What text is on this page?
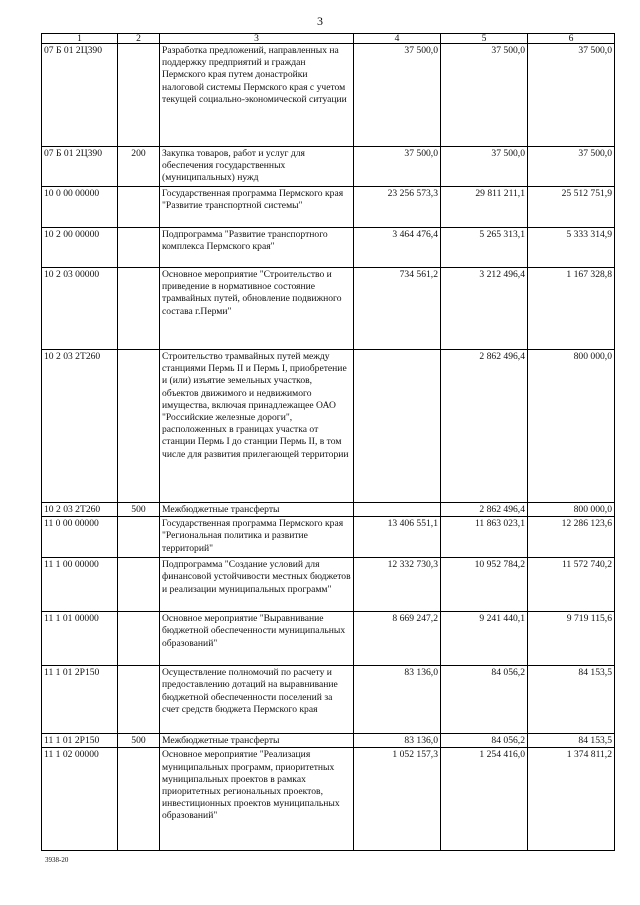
3
1	2	3	4	5	6
07 Б 01 2Ц390		Разработка предложений, направленных на поддержку предприятий и граждан Пермского края путем донастройки налоговой системы Пермского края с учетом текущей социально-экономической ситуации	37 500,0	37 500,0	37 500,0
07 Б 01 2Ц390	200	Закупка товаров, работ и услуг для обеспечения государственных (муниципальных) нужд	37 500,0	37 500,0	37 500,0
10 0 00 00000		Государственная программа Пермского края "Развитие транспортной системы"	23 256 573,3	29 811 211,1	25 512 751,9
10 2 00 00000		Подпрограмма "Развитие транспортного комплекса Пермского края"	3 464 476,4	5 265 313,1	5 333 314,9
10 2 03 00000		Основное мероприятие "Строительство и приведение в нормативное состояние трамвайных путей, обновление подвижного состава г.Перми"	734 561,2	3 212 496,4	1 167 328,8
10 2 03 2Т260		Строительство трамвайных путей между станциями Пермь II и Пермь I, приобретение и (или) изъятие земельных участков, объектов движимого и недвижимого имущества, включая принадлежащее ОАО "Российские железные дороги", расположенных в границах участка от станции Пермь I до станции Пермь II, в том числе для развития прилегающей территории		2 862 496,4	800 000,0
10 2 03 2Т260	500	Межбюджетные трансферты		2 862 496,4	800 000,0
11 0 00 00000		Государственная программа Пермского края "Региональная политика и развитие территорий"	13 406 551,1	11 863 023,1	12 286 123,6
11 1 00 00000		Подпрограмма "Создание условий для финансовой устойчивости местных бюджетов и реализации муниципальных программ"	12 332 730,3	10 952 784,2	11 572 740,2
11 1 01 00000		Основное мероприятие "Выравнивание бюджетной обеспеченности муниципальных образований"	8 669 247,2	9 241 440,1	9 719 115,6
11 1 01 2Р150		Осуществление полномочий по расчету и предоставлению дотаций на выравнивание бюджетной обеспеченности поселений за счет средств бюджета Пермского края	83 136,0	84 056,2	84 153,5
11 1 01 2Р150	500	Межбюджетные трансферты	83 136,0	84 056,2	84 153,5
11 1 02 00000		Основное мероприятие "Реализация муниципальных программ, приоритетных муниципальных проектов в рамках приоритетных региональных проектов, инвестиционных проектов муниципальных образований"	1 052 157,3	1 254 416,0	1 374 811,2
3938-20
